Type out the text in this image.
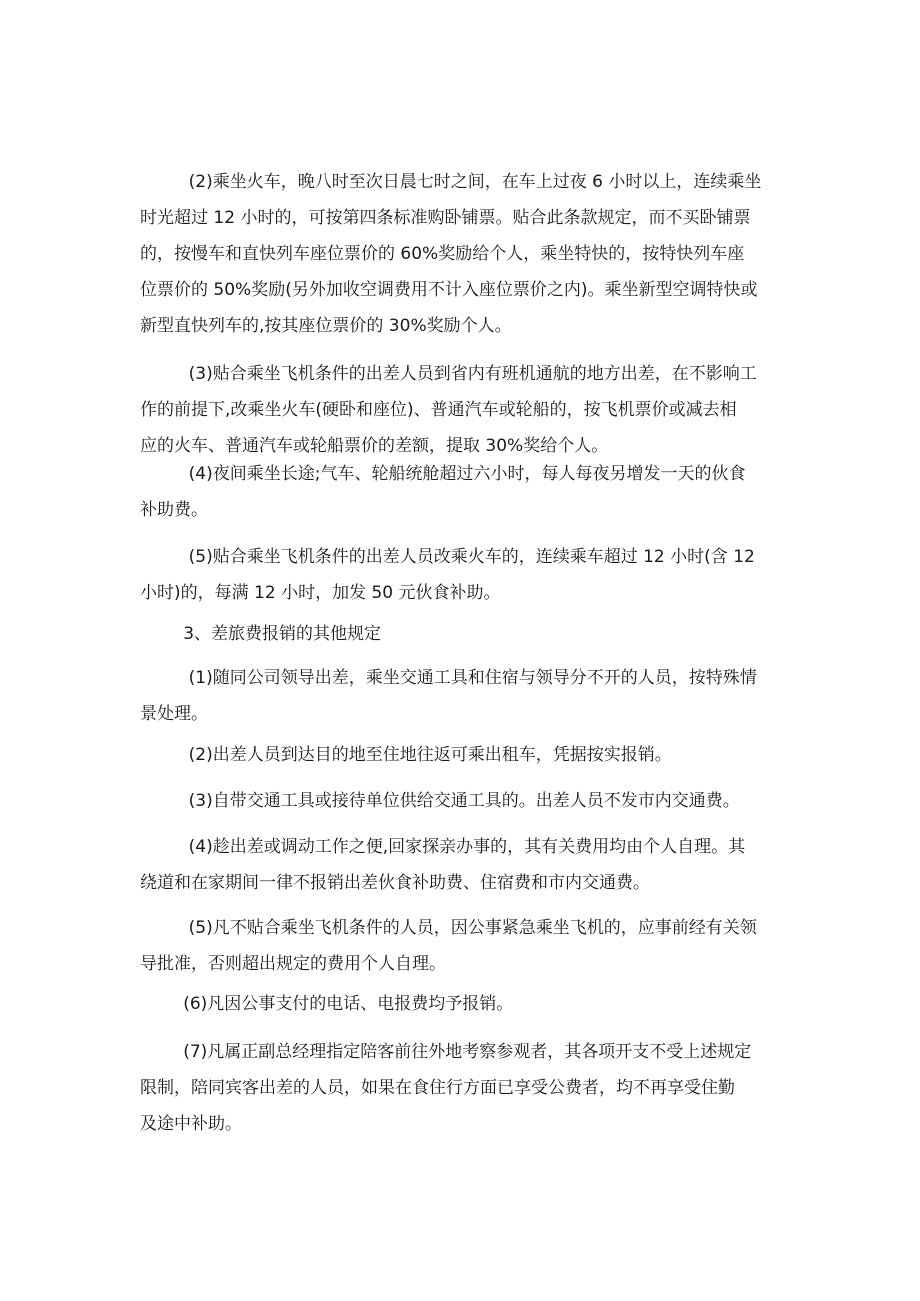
(2)乘坐火车，晚八时至次日晨七时之间，在车上过夜 6 小时以上，连续乘坐
时光超过 12 小时的，可按第四条标准购卧铺票。贴合此条款规定，而不买卧铺票
的，按慢车和直快列车座位票价的 60%奖励给个人，乘坐特快的，按特快列车座
位票价的 50%奖励(另外加收空调费用不计入座位票价之内)。乘坐新型空调特快或
新型直快列车的,按其座位票价的 30%奖励个人。
(3)贴合乘坐飞机条件的出差人员到省内有班机通航的地方出差，在不影响工
作的前提下,改乘坐火车(硬卧和座位)、普通汽车或轮船的，按飞机票价或减去相
应的火车、普通汽车或轮船票价的差额，提取 30%奖给个人。
(4)夜间乘坐长途;气车、轮船统舱超过六小时，每人每夜另增发一天的伙食
补助费。
(5)贴合乘坐飞机条件的出差人员改乘火车的，连续乘车超过 12 小时(含 12
小时)的，每满 12 小时，加发 50 元伙食补助。
3、差旅费报销的其他规定
(1)随同公司领导出差，乘坐交通工具和住宿与领导分不开的人员，按特殊情
景处理。
(2)出差人员到达目的地至住地往返可乘出租车，凭据按实报销。
(3)自带交通工具或接待单位供给交通工具的。出差人员不发市内交通费。
(4)趁出差或调动工作之便,回家探亲办事的，其有关费用均由个人自理。其
绕道和在家期间一律不报销出差伙食补助费、住宿费和市内交通费。
(5)凡不贴合乘坐飞机条件的人员，因公事紧急乘坐飞机的，应事前经有关领
导批准，否则超出规定的费用个人自理。
(6)凡因公事支付的电话、电报费均予报销。
(7)凡属正副总经理指定陪客前往外地考察参观者，其各项开支不受上述规定
限制，陪同宾客出差的人员，如果在食住行方面已享受公费者，均不再享受住勤
及途中补助。
